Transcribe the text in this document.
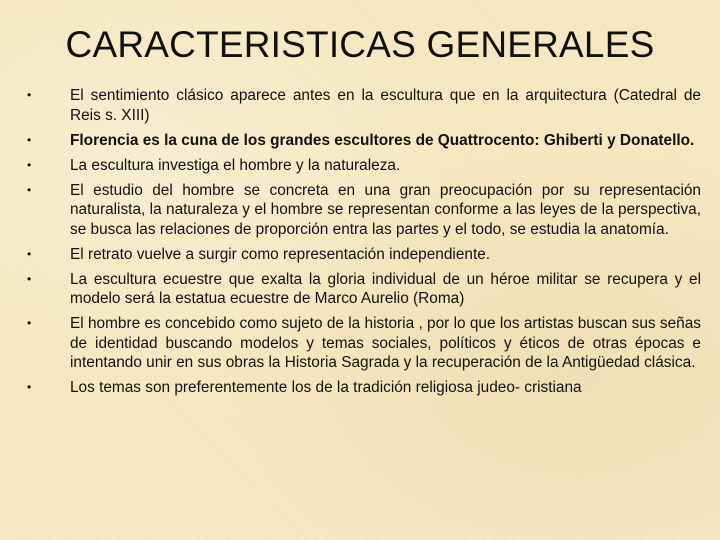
CARACTERISTICAS GENERALES
•	El sentimiento clásico aparece antes en la escultura que en la arquitectura (Catedral de Reis s. XIII)
•	Florencia es la cuna de los grandes escultores de Quattrocento: Ghiberti y Donatello.
•	La escultura investiga el hombre y la naturaleza.
•	El estudio del hombre se concreta en una gran preocupación por su representación naturalista, la naturaleza y el hombre se representan conforme a las leyes de la perspectiva, se busca las relaciones de proporción entra las partes y el todo, se estudia la anatomía.
•	El retrato vuelve a surgir como representación independiente.
•	La escultura ecuestre que exalta la gloria individual de un héroe militar se recupera y el modelo será la estatua ecuestre de Marco Aurelio (Roma)
•	El hombre es concebido como sujeto de la historia , por lo que los artistas buscan sus señas de identidad buscando modelos y temas sociales, políticos y éticos de otras épocas e intentando unir en sus obras la Historia Sagrada y la recuperación de la Antigüedad clásica.
•	Los temas son preferentemente los de la tradición religiosa judeo- cristiana
